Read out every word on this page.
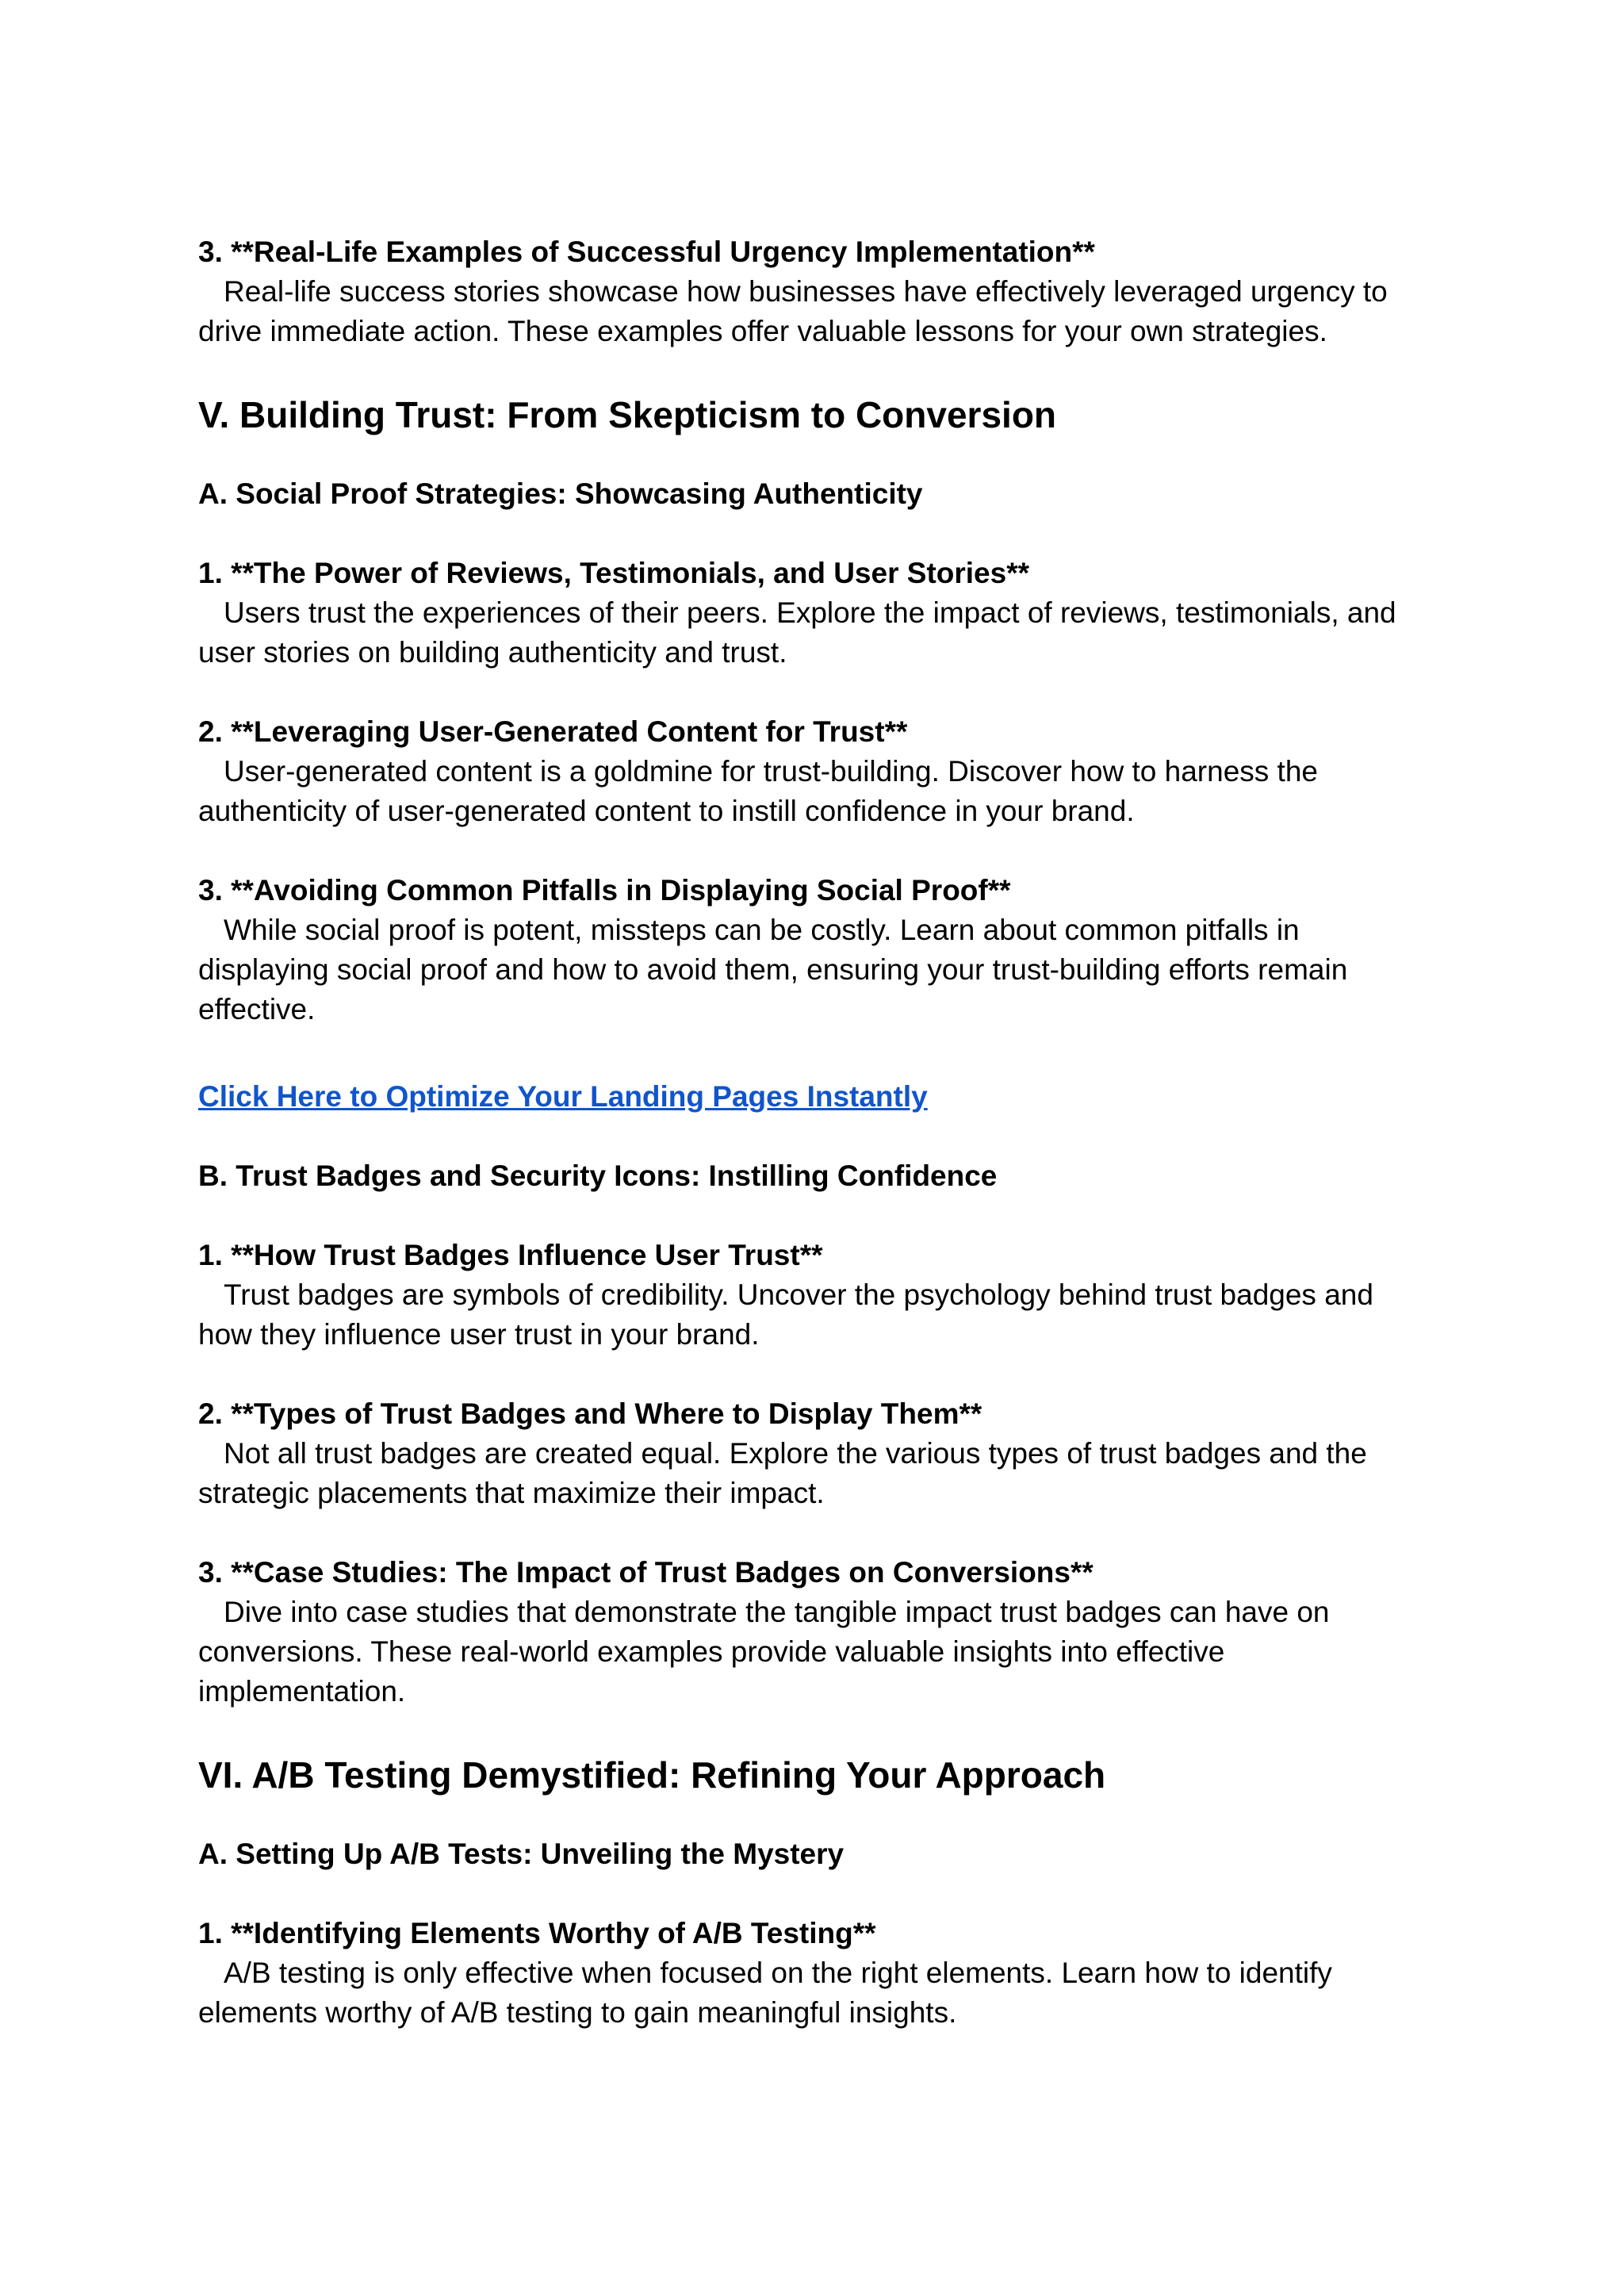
3. **Real-Life Examples of Successful Urgency Implementation**

Real-life success stories showcase how businesses have effectively leveraged urgency to drive immediate action. These examples offer valuable lessons for your own strategies.

V. Building Trust: From Skepticism to Conversion
A. Social Proof Strategies: Showcasing Authenticity

1. **The Power of Reviews, Testimonials, and User Stories**

Users trust the experiences of their peers. Explore the impact of reviews, testimonials, and user stories on building authenticity and trust.

2. **Leveraging User-Generated Content for Trust**

User-generated content is a goldmine for trust-building. Discover how to harness the authenticity of user-generated content to instill confidence in your brand.

3. **Avoiding Common Pitfalls in Displaying Social Proof**

While social proof is potent, missteps can be costly. Learn about common pitfalls in displaying social proof and how to avoid them, ensuring your trust-building efforts remain effective.

Click Here to Optimize Your Landing Pages Instantly
B. Trust Badges and Security Icons: Instilling Confidence

1. **How Trust Badges Influence User Trust**

Trust badges are symbols of credibility. Uncover the psychology behind trust badges and how they influence user trust in your brand.

2. **Types of Trust Badges and Where to Display Them**

Not all trust badges are created equal. Explore the various types of trust badges and the strategic placements that maximize their impact.

3. **Case Studies: The Impact of Trust Badges on Conversions**

Dive into case studies that demonstrate the tangible impact trust badges can have on conversions. These real-world examples provide valuable insights into effective implementation.

VI. A/B Testing Demystified: Refining Your Approach
A. Setting Up A/B Tests: Unveiling the Mystery

1. **Identifying Elements Worthy of A/B Testing**

A/B testing is only effective when focused on the right elements. Learn how to identify elements worthy of A/B testing to gain meaningful insights.
